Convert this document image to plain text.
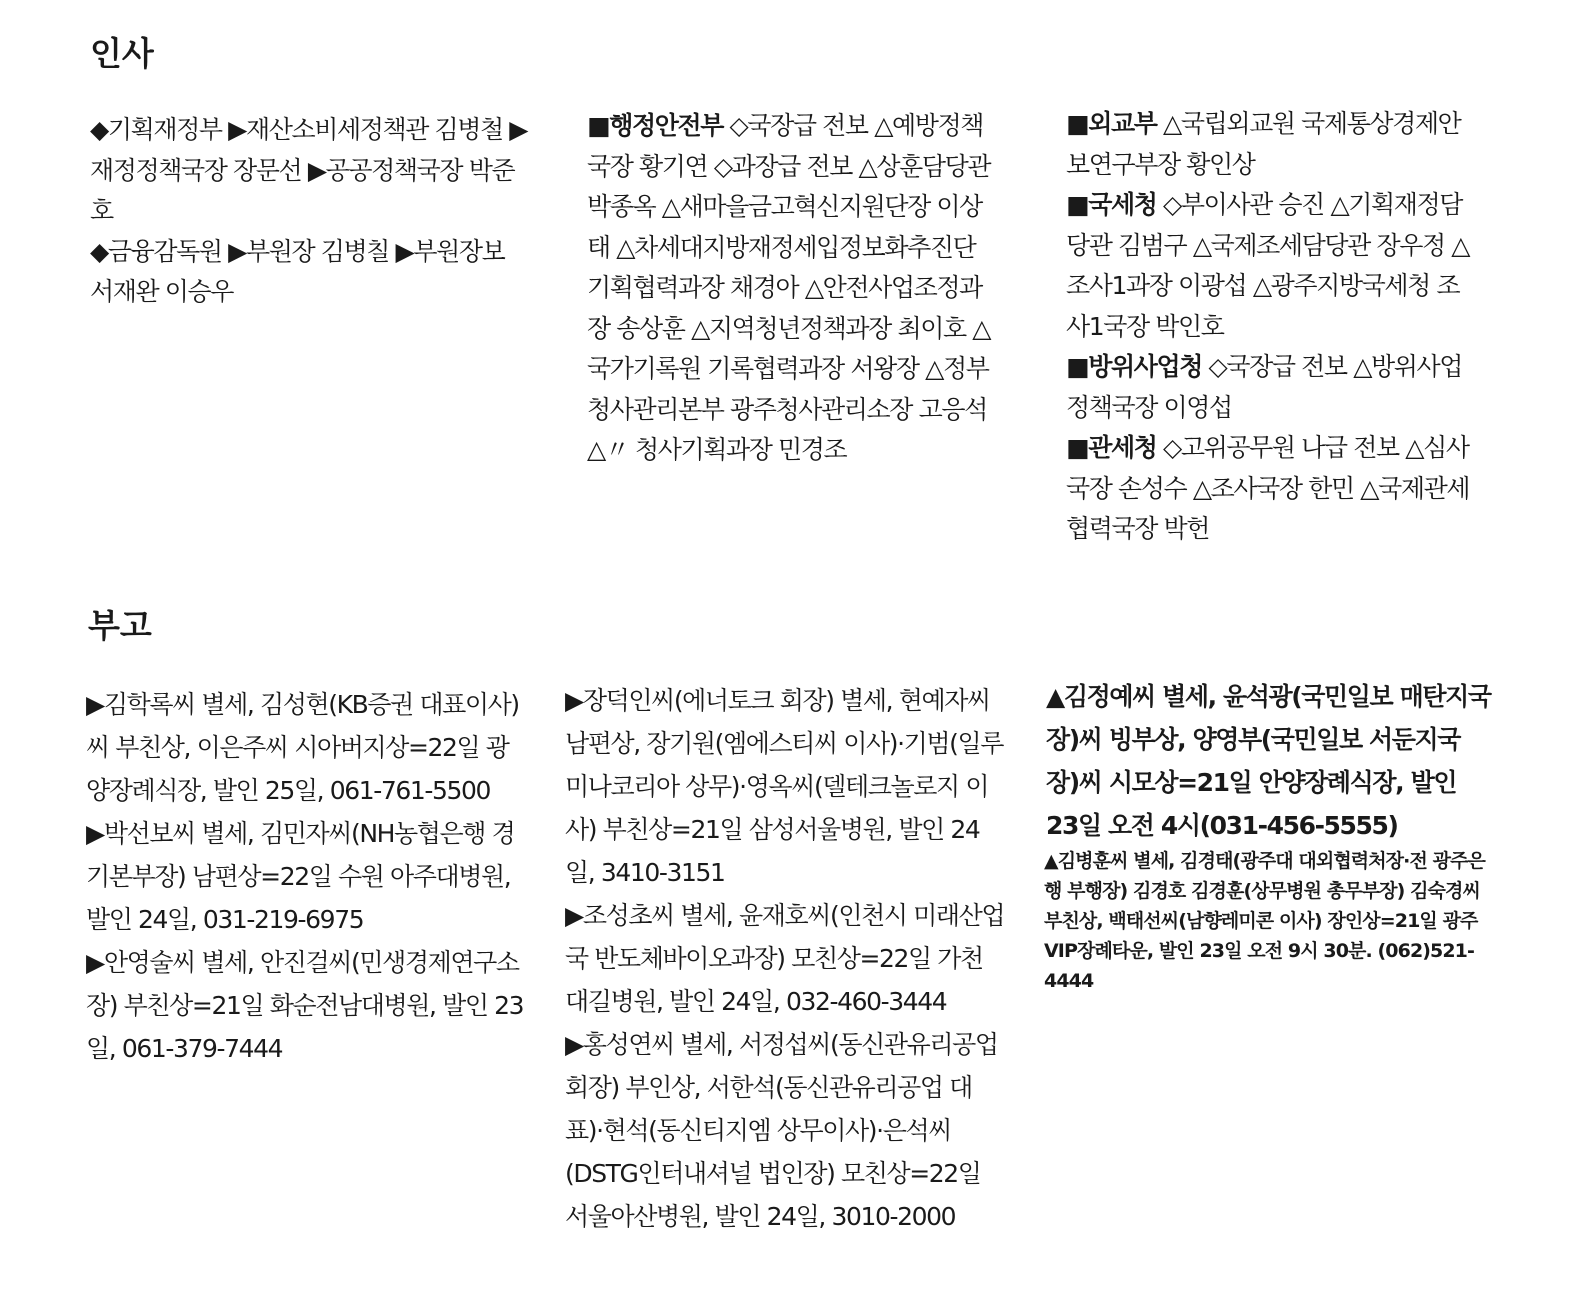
인사

◆기획재정부 ▶재산소비세정책관 김병철 ▶재정정책국장 장문선 ▶공공정책국장 박준호

◆금융감독원 ▶부원장 김병칠 ▶부원장보 서재완 이승우

■행정안전부 ◇국장급 전보 △예방정책국장 황기연 ◇과장급 전보 △상훈담당관 박종옥 △새마을금고혁신지원단장 이상태 △차세대지방재정세입정보화추진단 기획협력과장 채경아 △안전사업조정과장 송상훈 △지역청년정책과장 최이호 △국가기록원 기록협력과장 서왕장 △정부청사관리본부 광주청사관리소장 고응석 △〃 청사기획과장 민경조

■외교부 △국립외교원 국제통상경제안보연구부장 황인상

■국세청 ◇부이사관 승진 △기획재정담당관 김범구 △국제조세담당관 장우정 △조사1과장 이광섭 △광주지방국세청 조사1국장 박인호

■방위사업청 ◇국장급 전보 △방위사업정책국장 이영섭

■관세청 ◇고위공무원 나급 전보 △심사국장 손성수 △조사국장 한민 △국제관세협력국장 박헌

부고

▶김학록씨 별세, 김성현(KB증권 대표이사)씨 부친상, 이은주씨 시아버지상=22일 광양장례식장, 발인 25일, 061-761-5500

▶박선보씨 별세, 김민자씨(NH농협은행 경기본부장) 남편상=22일 수원 아주대병원, 발인 24일, 031-219-6975

▶안영술씨 별세, 안진걸씨(민생경제연구소장) 부친상=21일 화순전남대병원, 발인 23일, 061-379-7444

▶장덕인씨(에너토크 회장) 별세, 현예자씨 남편상, 장기원(엠에스티씨 이사)·기범(일루미나코리아 상무)·영옥씨(델테크놀로지 이사) 부친상=21일 삼성서울병원, 발인 24일, 3410-3151

▶조성초씨 별세, 윤재호씨(인천시 미래산업국 반도체바이오과장) 모친상=22일 가천대길병원, 발인 24일, 032-460-3444

▶홍성연씨 별세, 서정섭씨(동신관유리공업 회장) 부인상, 서한석(동신관유리공업 대표)·현석(동신티지엠 상무이사)·은석씨(DSTG인터내셔널 법인장) 모친상=22일 서울아산병원, 발인 24일, 3010-2000

▲김정예씨 별세, 윤석광(국민일보 매탄지국장)씨 빙부상, 양영부(국민일보 서둔지국장)씨 시모상=21일 안양장례식장, 발인 23일 오전 4시(031-456-5555)

▲김병훈씨 별세, 김경태(광주대 대외협력처장·전 광주은행 부행장) 김경호 김경훈(상무병원 총무부장) 김숙경씨 부친상, 백태선씨(남향레미콘 이사) 장인상=21일 광주 VIP장례타운, 발인 23일 오전 9시 30분. (062)521-4444
